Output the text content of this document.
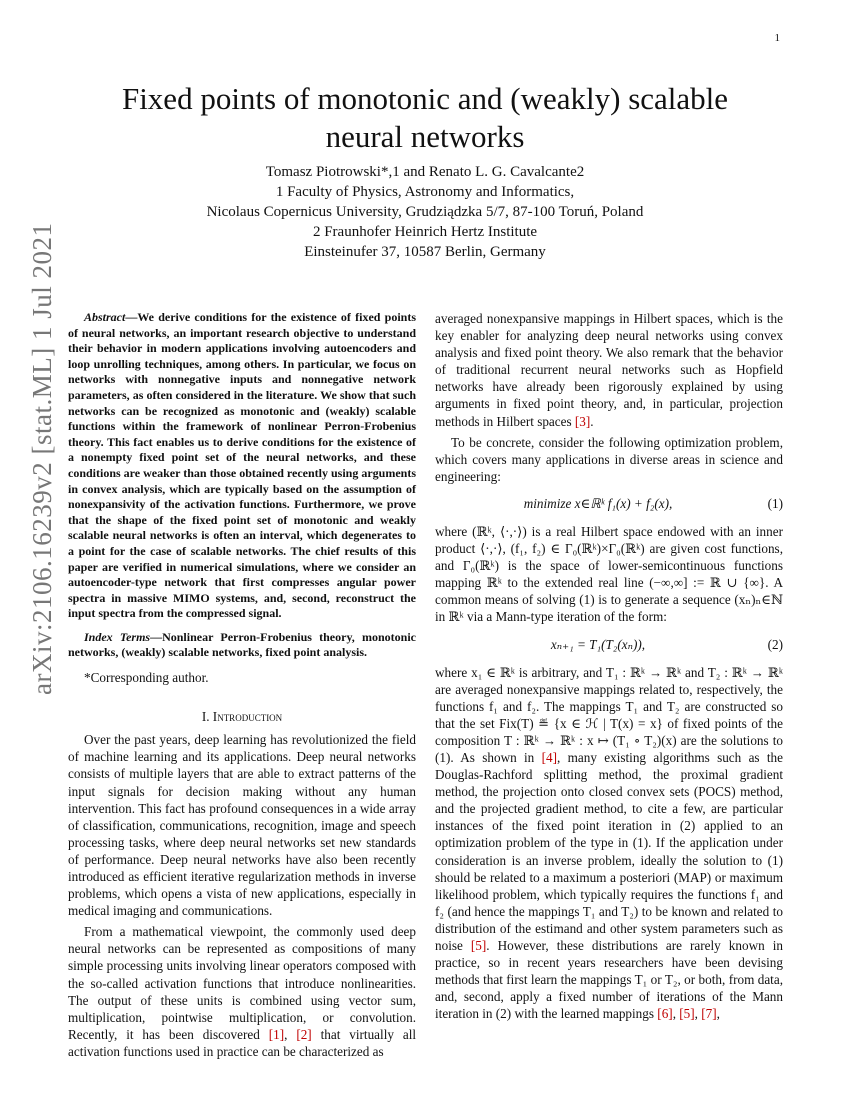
1
arXiv:2106.16239v2 [stat.ML] 1 Jul 2021
Fixed points of monotonic and (weakly) scalable
neural networks
Tomasz Piotrowski*,1 and Renato L. G. Cavalcante2
1 Faculty of Physics, Astronomy and Informatics,
Nicolaus Copernicus University, Grudziądzka 5/7, 87-100 Toruń, Poland
2 Fraunhofer Heinrich Hertz Institute
Einsteinufer 37, 10587 Berlin, Germany

Abstract—We derive conditions for the existence of fixed points of neural networks, an important research objective to understand their behavior in modern applications involving autoencoders and loop unrolling techniques, among others. In particular, we focus on networks with nonnegative inputs and nonnegative network parameters, as often considered in the literature. We show that such networks can be recognized as monotonic and (weakly) scalable functions within the framework of nonlinear Perron-Frobenius theory. This fact enables us to derive conditions for the existence of a nonempty fixed point set of the neural networks, and these conditions are weaker than those obtained recently using arguments in convex analysis, which are typically based on the assumption of nonexpansivity of the activation functions. Furthermore, we prove that the shape of the fixed point set of monotonic and weakly scalable neural networks is often an interval, which degenerates to a point for the case of scalable networks. The chief results of this paper are verified in numerical simulations, where we consider an autoencoder-type network that first compresses angular power spectra in massive MIMO systems, and, second, reconstruct the input spectra from the compressed signal.

Index Terms—Nonlinear Perron-Frobenius theory, monotonic networks, (weakly) scalable networks, fixed point analysis.

*Corresponding author.

I. Introduction

Over the past years, deep learning has revolutionized the field of machine learning and its applications. Deep neural networks consists of multiple layers that are able to extract patterns of the input signals for decision making without any human intervention. This fact has profound consequences in a wide array of classification, communications, recognition, image and speech processing tasks, where deep neural networks set new standards of performance. Deep neural networks have also been recently introduced as efficient iterative regularization methods in inverse problems, which opens a vista of new applications, especially in medical imaging and communications.

From a mathematical viewpoint, the commonly used deep neural networks can be represented as compositions of many simple processing units involving linear operators composed with the so-called activation functions that introduce nonlinearities. The output of these units is combined using vector sum, multiplication, pointwise multiplication, or convolution. Recently, it has been discovered [1], [2] that virtually all activation functions used in practice can be characterized as

averaged nonexpansive mappings in Hilbert spaces, which is the key enabler for analyzing deep neural networks using convex analysis and fixed point theory. We also remark that the behavior of traditional recurrent neural networks such as Hopfield networks have already been rigorously explained by using arguments in fixed point theory, and, in particular, projection methods in Hilbert spaces [3].

To be concrete, consider the following optimization problem, which covers many applications in diverse areas in science and engineering:

minimize x∈ℝᵏ f₁(x) + f₂(x),	(1)

where (ℝᵏ, ⟨·,·⟩) is a real Hilbert space endowed with an inner product ⟨·,·⟩, (f₁, f₂) ∈ Γ₀(ℝᵏ)×Γ₀(ℝᵏ) are given cost functions, and Γ₀(ℝᵏ) is the space of lower-semicontinuous functions mapping ℝᵏ to the extended real line (−∞,∞] := ℝ ∪ {∞}. A common means of solving (1) is to generate a sequence (xₙ)ₙ∈ℕ in ℝᵏ via a Mann-type iteration of the form:

xₙ₊₁ = T₁(T₂(xₙ)),	(2)

where x₁ ∈ ℝᵏ is arbitrary, and T₁ : ℝᵏ → ℝᵏ and T₂ : ℝᵏ → ℝᵏ are averaged nonexpansive mappings related to, respectively, the functions f₁ and f₂. The mappings T₁ and T₂ are constructed so that the set Fix(T) ≝ {x ∈ ℋ | T(x) = x} of fixed points of the composition T : ℝᵏ → ℝᵏ : x ↦ (T₁ ∘ T₂)(x) are the solutions to (1). As shown in [4], many existing algorithms such as the Douglas-Rachford splitting method, the proximal gradient method, the projection onto closed convex sets (POCS) method, and the projected gradient method, to cite a few, are particular instances of the fixed point iteration in (2) applied to an optimization problem of the type in (1). If the application under consideration is an inverse problem, ideally the solution to (1) should be related to a maximum a posteriori (MAP) or maximum likelihood problem, which typically requires the functions f₁ and f₂ (and hence the mappings T₁ and T₂) to be known and related to distribution of the estimand and other system parameters such as noise [5]. However, these distributions are rarely known in practice, so in recent years researchers have been devising methods that first learn the mappings T₁ or T₂, or both, from data, and, second, apply a fixed number of iterations of the Mann iteration in (2) with the learned mappings [6], [5], [7],
